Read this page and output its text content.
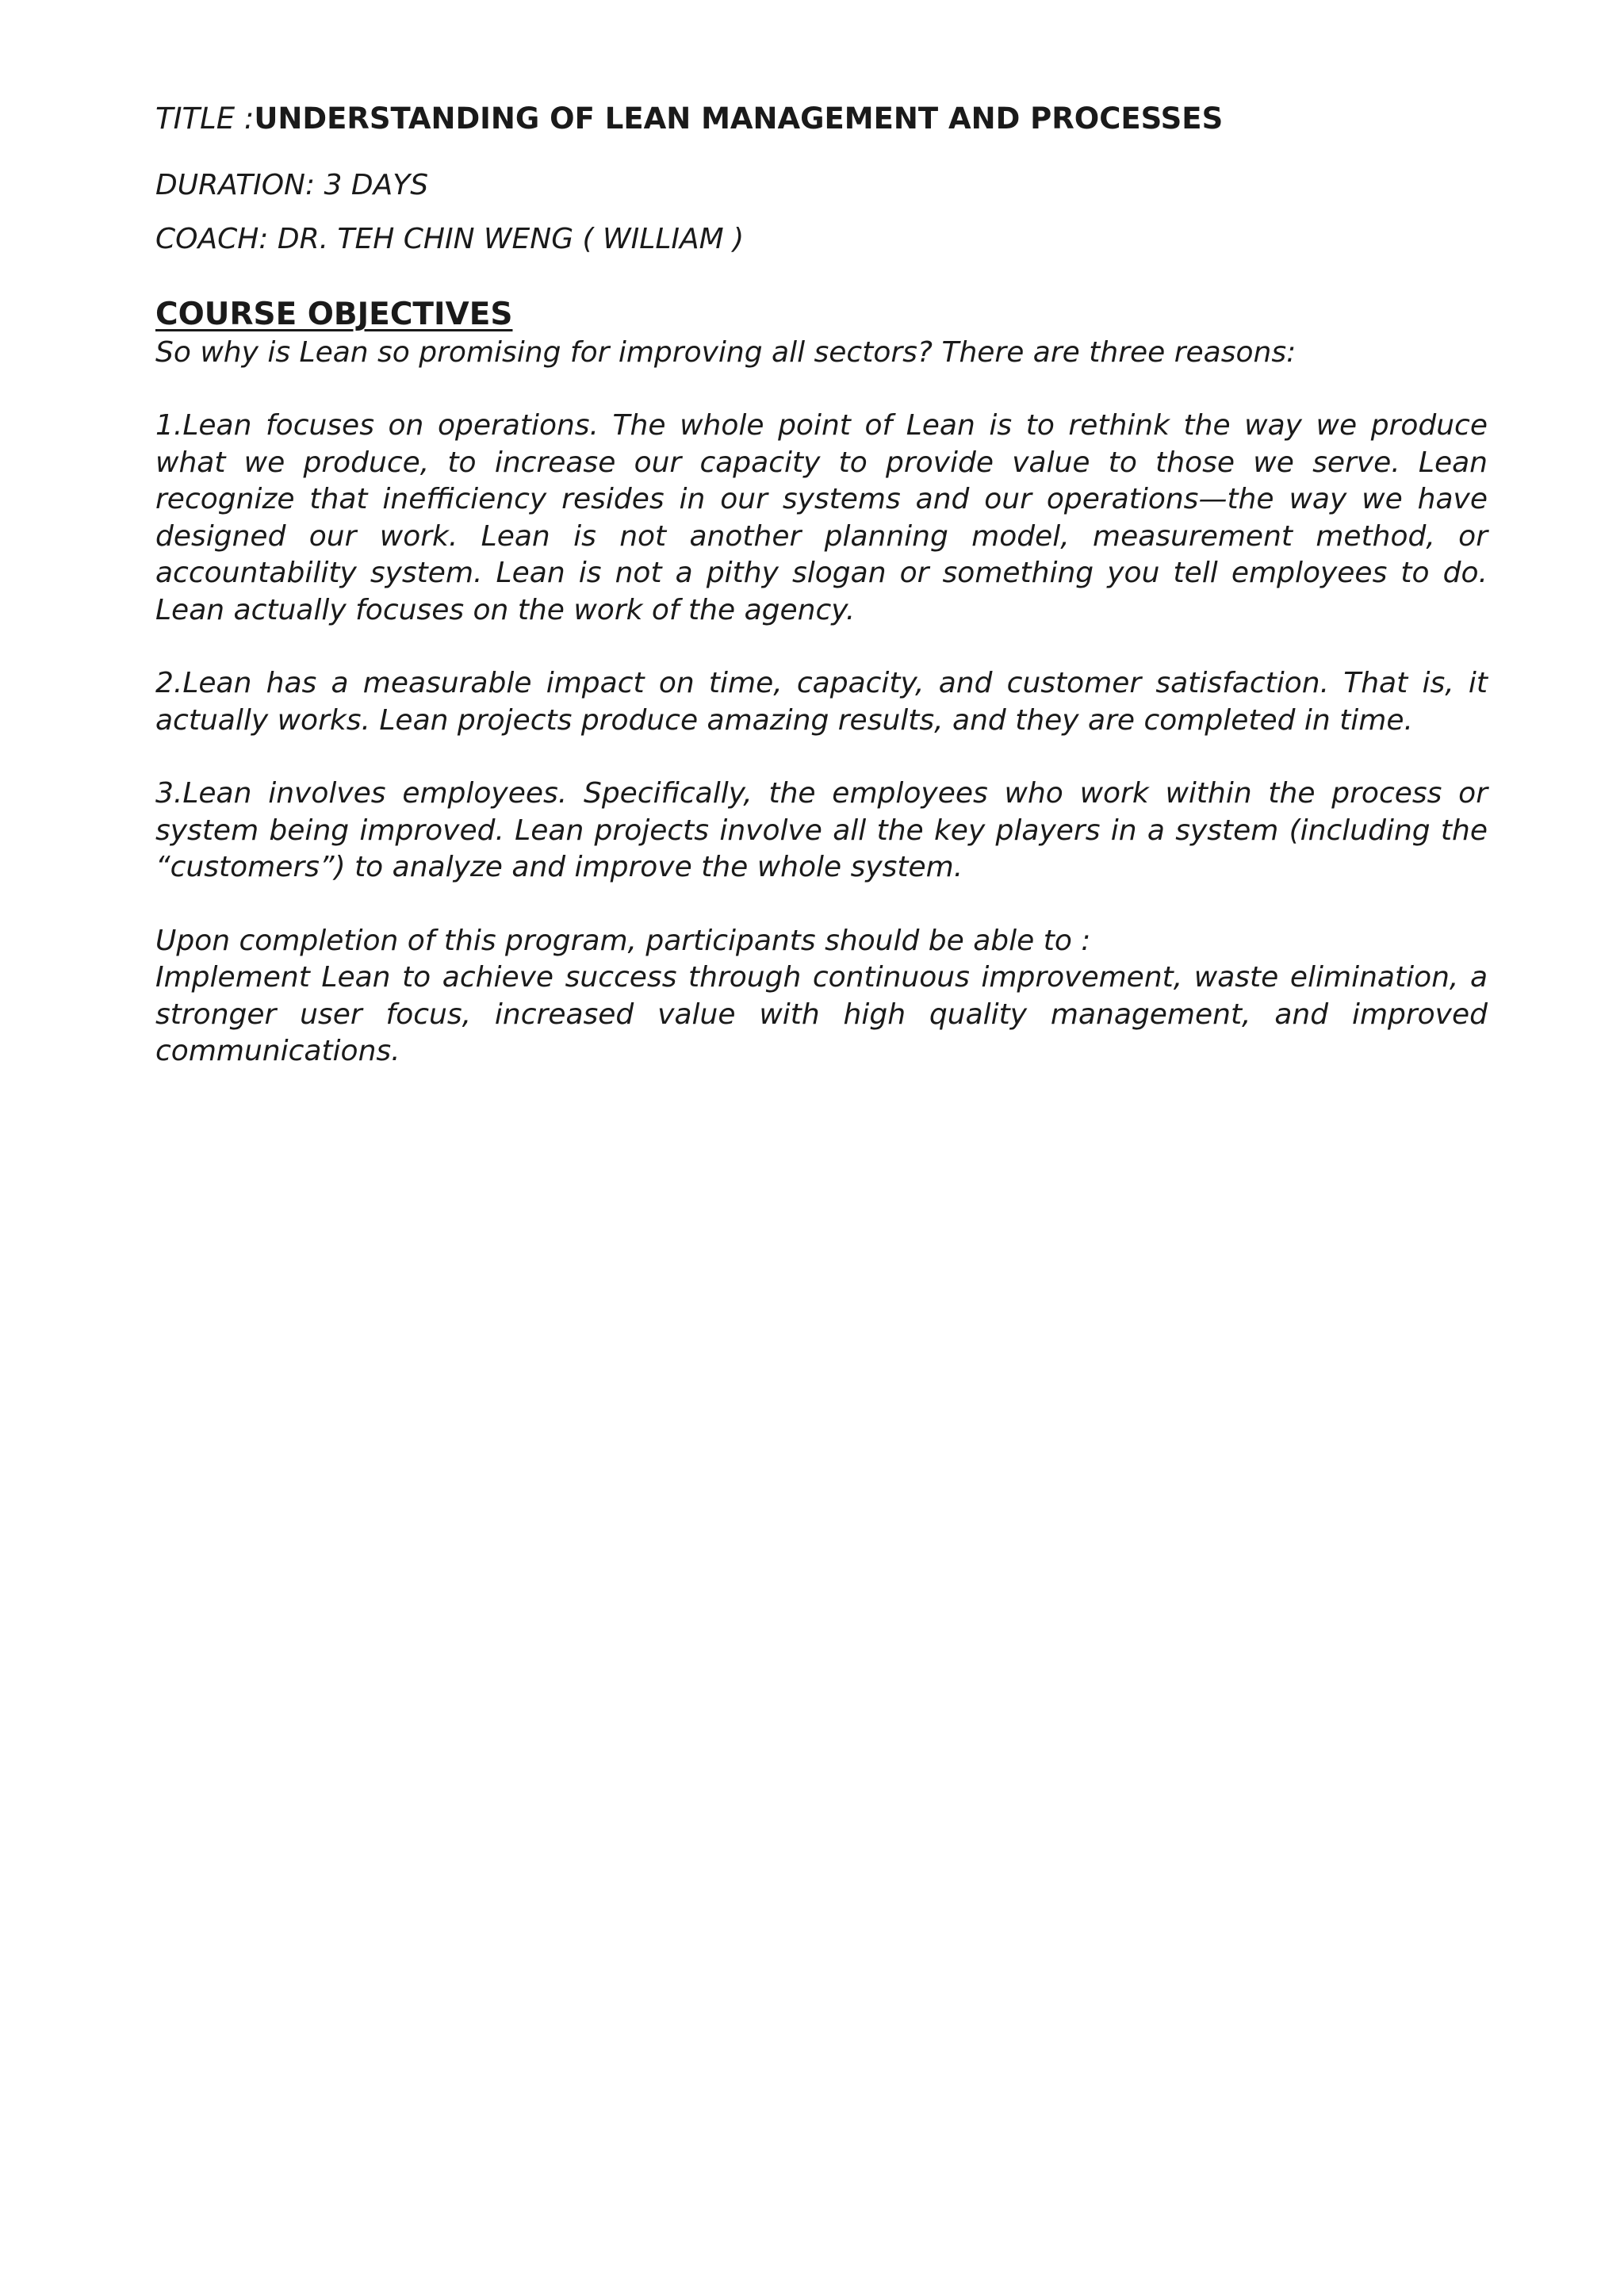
TITLE :UNDERSTANDING OF LEAN MANAGEMENT AND PROCESSES

DURATION: 3 DAYS

COACH: DR. TEH CHIN WENG ( WILLIAM )

COURSE OBJECTIVES

So why is Lean so promising for improving all sectors? There are three reasons:

1.Lean focuses on operations. The whole point of Lean is to rethink the way we produce what we produce, to increase our capacity to provide value to those we serve. Lean recognize that inefficiency resides in our systems and our operations—the way we have designed our work. Lean is not another planning model, measurement method, or accountability system. Lean is not a pithy slogan or something you tell employees to do. Lean actually focuses on the work of the agency.

2.Lean has a measurable impact on time, capacity, and customer satisfaction. That is, it actually works. Lean projects produce amazing results, and they are completed in time.

3.Lean involves employees. Specifically, the employees who work within the process or system being improved. Lean projects involve all the key players in a system (including the “customers”) to analyze and improve the whole system.

Upon completion of this program, participants should be able to :

Implement Lean to achieve success through continuous improvement, waste elimination, a stronger user focus, increased value with high quality management, and improved communications.
